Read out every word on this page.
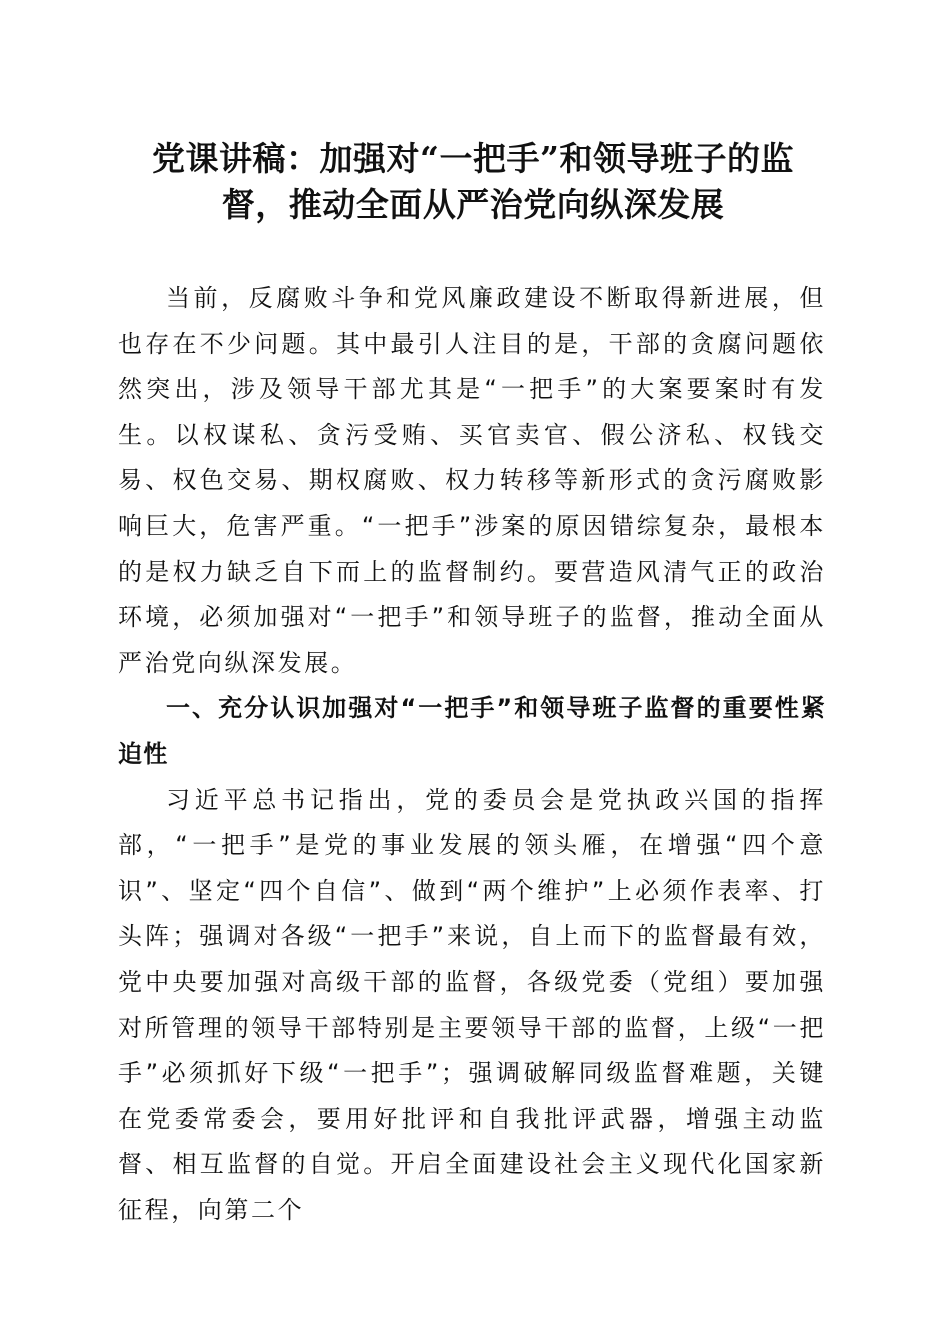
党课讲稿：加强对“一把手”和领导班子的监
督，推动全面从严治党向纵深发展

当前，反腐败斗争和党风廉政建设不断取得新进展，但也存在不少问题。其中最引人注目的是，干部的贪腐问题依然突出，涉及领导干部尤其是“一把手”的大案要案时有发生。以权谋私、贪污受贿、买官卖官、假公济私、权钱交易、权色交易、期权腐败、权力转移等新形式的贪污腐败影响巨大，危害严重。“一把手”涉案的原因错综复杂，最根本的是权力缺乏自下而上的监督制约。要营造风清气正的政治环境，必须加强对“一把手”和领导班子的监督，推动全面从严治党向纵深发展。

一、充分认识加强对“一把手”和领导班子监督的重要性紧迫性

习近平总书记指出，党的委员会是党执政兴国的指挥部，“一把手”是党的事业发展的领头雁，在增强“四个意识”、坚定“四个自信”、做到“两个维护”上必须作表率、打头阵；强调对各级“一把手”来说，自上而下的监督最有效，党中央要加强对高级干部的监督，各级党委（党组）要加强对所管理的领导干部特别是主要领导干部的监督，上级“一把手”必须抓好下级“一把手”；强调破解同级监督难题，关键在党委常委会，要用好批评和自我批评武器，增强主动监督、相互监督的自觉。开启全面建设社会主义现代化国家新征程，向第二个
